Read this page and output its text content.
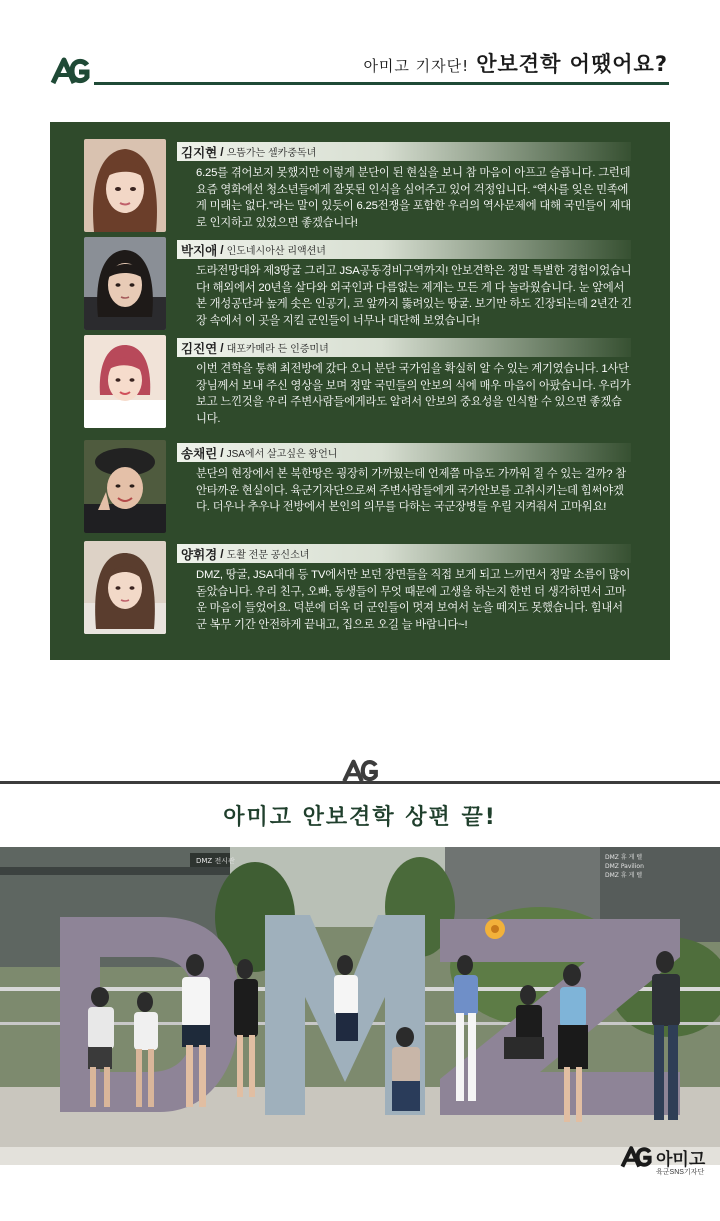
아미고 기자단! 안보견학 어땠어요?
김지현 / 으뜸가는 셀카중독녀
6.25를 겪어보지 못했지만 이렇게 분단이 된 현실을 보니 참 마음이 아프고 슬픕니다. 그런데 요즘 영화에선 청소년들에게 잘못된 인식을 심어주고 있어 걱정입니다. “역사를 잊은 민족에게 미래는 없다.”라는 말이 있듯이 6.25전쟁을 포함한 우리의 역사문제에 대해 국민들이 제대로 인지하고 있었으면 좋겠습니다!
박지애 / 인도네시아산 리액션녀
도라전망대와 제3땅굴 그리고 JSA공동경비구역까지! 안보견학은 정말 특별한 경험이었습니다! 해외에서 20년을 살다와 외국인과 다름없는 제게는 모든 게 다 놀라웠습니다. 눈 앞에서 본 개성공단과 높게 솟은 인공기, 코 앞까지 뚫려있는 땅굴. 보기만 하도 긴장되는데 2년간 긴장 속에서 이 곳을 지킬 군인들이 너무나 대단해 보였습니다!
김진연 / 대포카메라 든 인증미녀
이번 견학을 통해 최전방에 갔다 오니 분단 국가임을 확실히 알 수 있는 계기였습니다. 1사단장님께서 보내 주신 영상을 보며 정말 국민들의 안보의 식에 매우 마음이 아팠습니다. 우리가 보고 느낀것을 우리 주변사람들에게라도 알려서 안보의 중요성을 인식할 수 있으면 좋겠습니다.
송채린 / JSA에서 살고싶은 왕언니
분단의 현장에서 본 북한땅은 굉장히 가까웠는데 언제쯤 마음도 가까워 질 수 있는 걸까? 참 안타까운 현실이다. 육군기자단으로써 주변사람들에게 국가안보를 고취시키는데 힘써야겠다. 더우나 추우나 전방에서 본인의 의무를 다하는 국군장병들 우릴 지켜줘서 고마워요!
양휘경 / 도촬 전문 공신소녀
DMZ, 땅굴, JSA대대 등 TV에서만 보던 장면들을 직접 보게 되고 느끼면서 정말 소름이 많이 돋았습니다. 우리 친구, 오빠, 동생들이 무엇 때문에 고생을 하는지 한번 더 생각하면서 고마운 마음이 들었어요. 덕분에 더욱 더 군인들이 멋져 보여서 눈을 떼지도 못했습니다. 힘내서 군 복무 기간 안전하게 끝내고, 집으로 오길 늘 바랍니다~!
아미고 안보견학 상편 끝!
DMZ 전시관	DMZ 휴 게 텔
DMZ Pavilion
DMZ 휴 게 텔
아미고
육군SNS기자단
